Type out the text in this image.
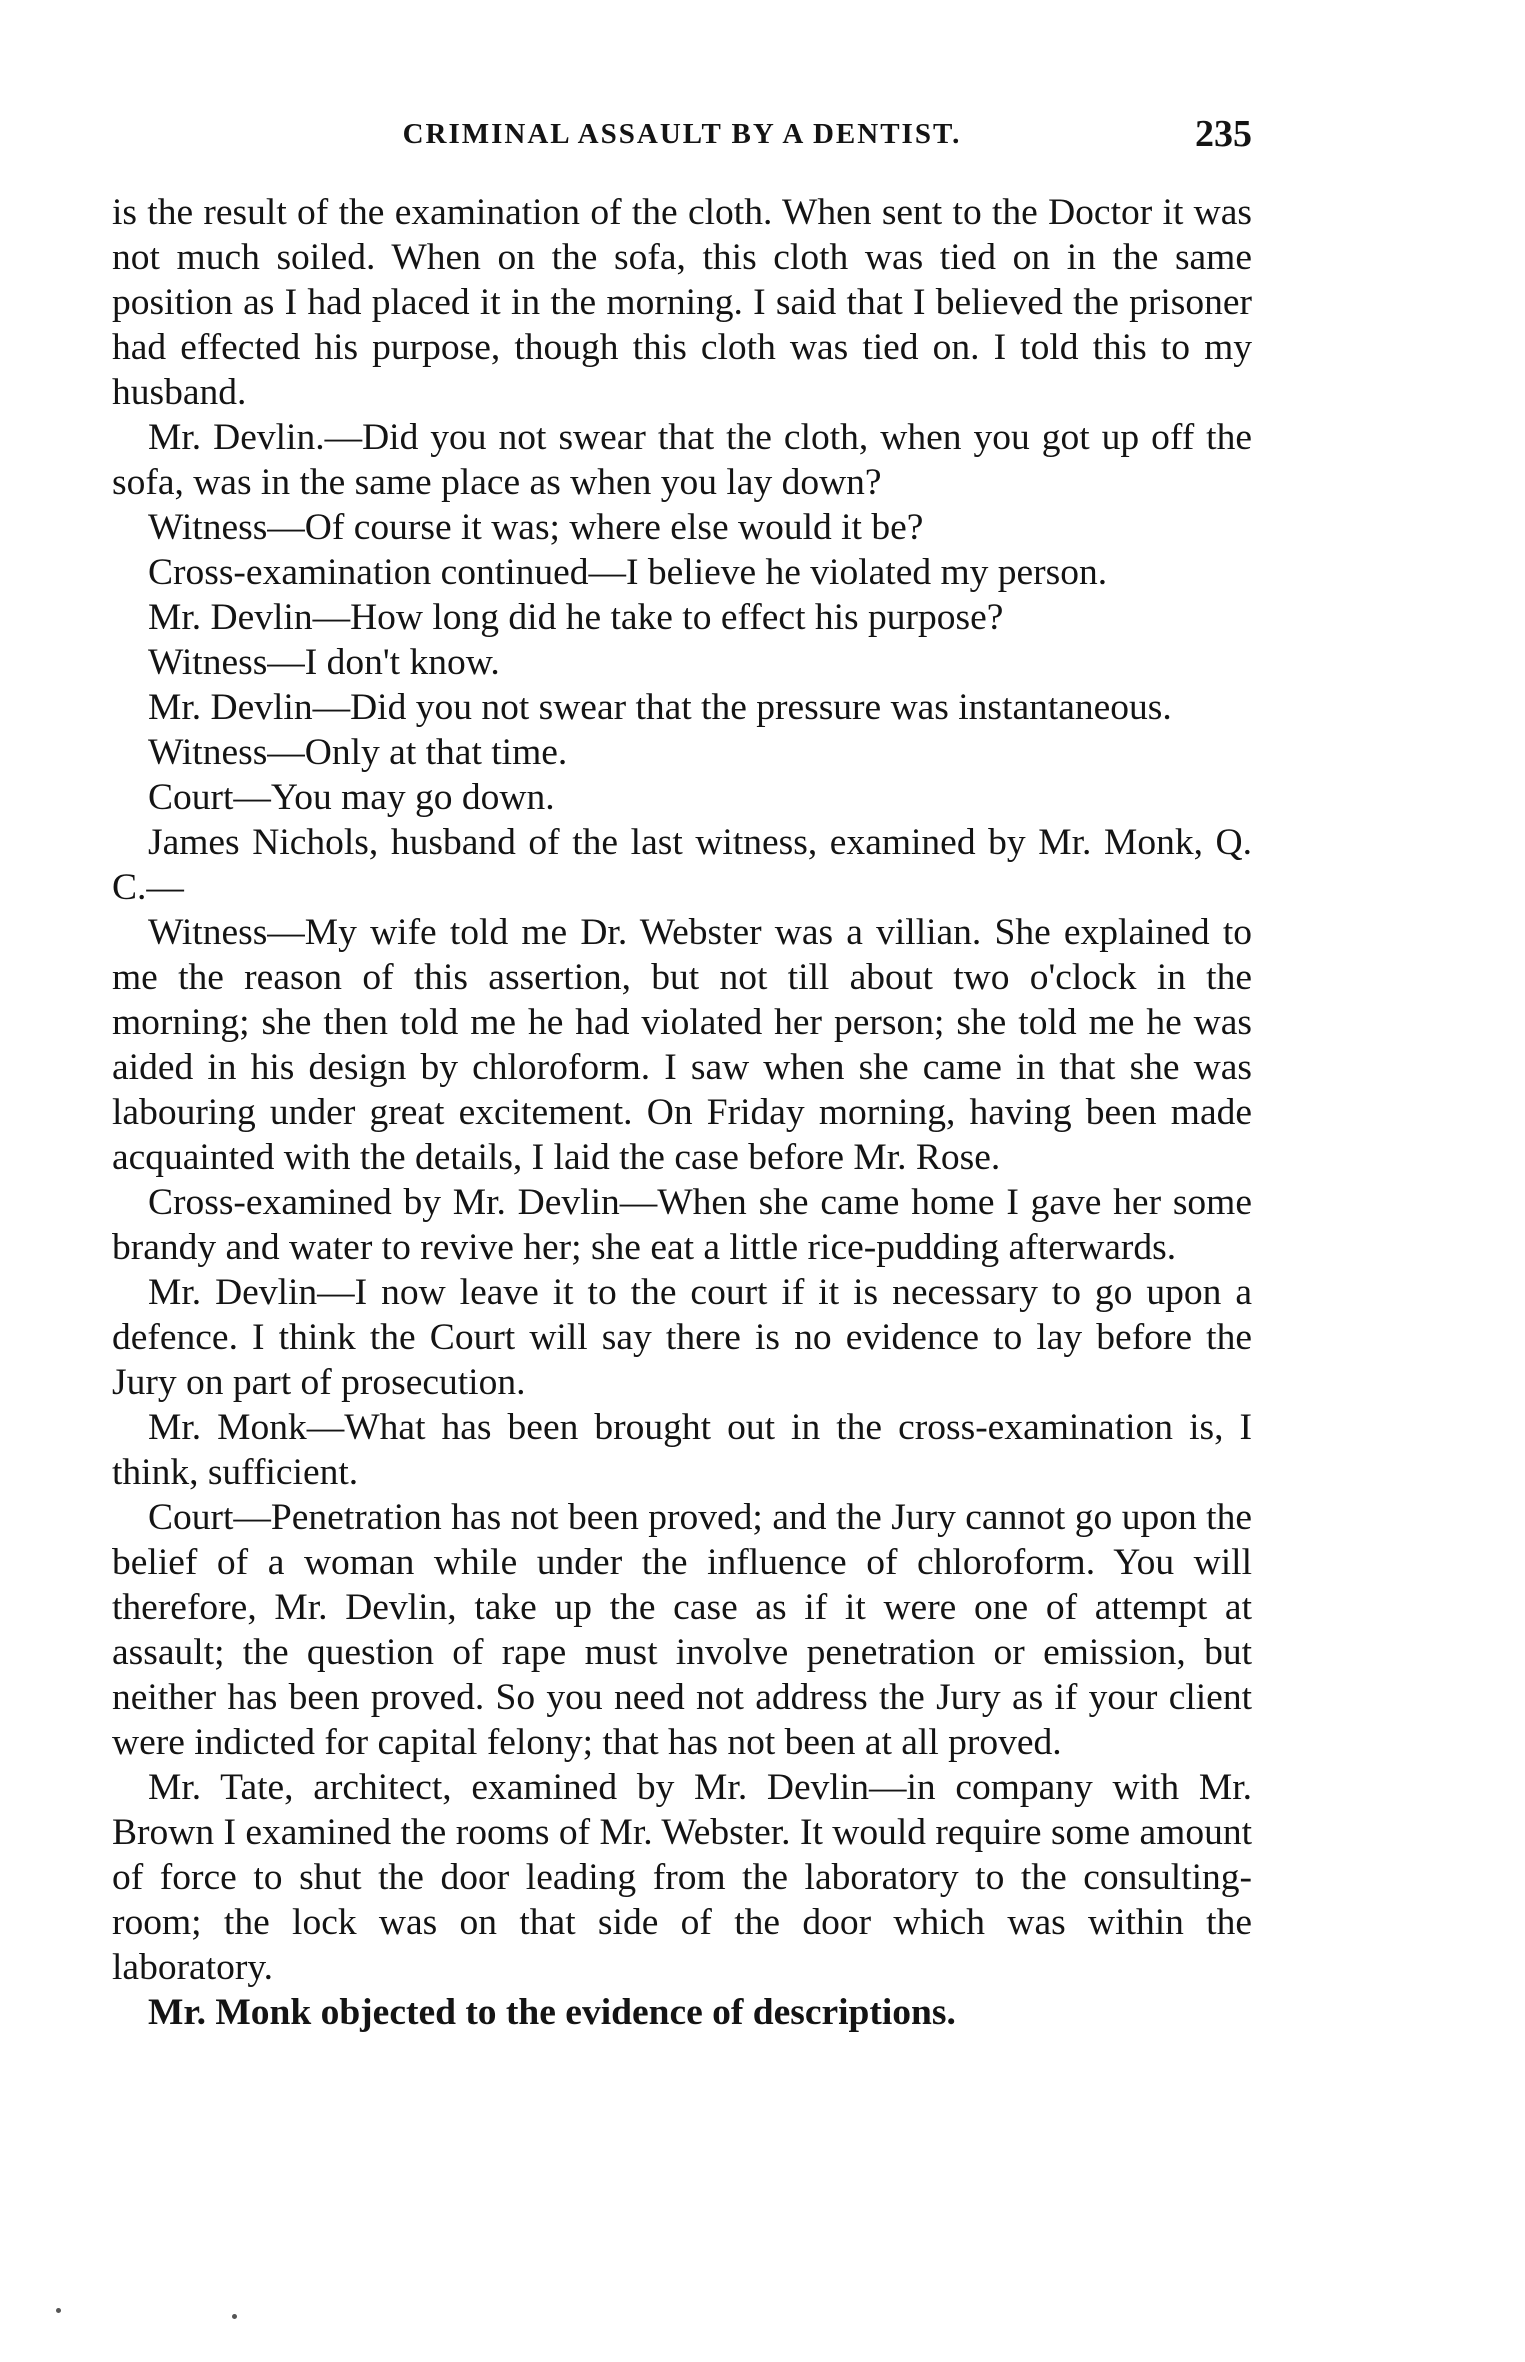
CRIMINAL ASSAULT BY A DENTIST.	235

is the result of the examination of the cloth. When sent to the Doctor it was not much soiled. When on the sofa, this cloth was tied on in the same position as I had placed it in the morning. I said that I believed the prisoner had effected his purpose, though this cloth was tied on. I told this to my husband.

Mr. Devlin.—Did you not swear that the cloth, when you got up off the sofa, was in the same place as when you lay down?

Witness—Of course it was; where else would it be?

Cross-examination continued—I believe he violated my person.

Mr. Devlin—How long did he take to effect his purpose?

Witness—I don't know.

Mr. Devlin—Did you not swear that the pressure was instantaneous.

Witness—Only at that time.

Court—You may go down.

James Nichols, husband of the last witness, examined by Mr. Monk, Q. C.—

Witness—My wife told me Dr. Webster was a villian. She explained to me the reason of this assertion, but not till about two o'clock in the morning; she then told me he had violated her person; she told me he was aided in his design by chloroform. I saw when she came in that she was labouring under great excitement. On Friday morning, having been made acquainted with the details, I laid the case before Mr. Rose.

Cross-examined by Mr. Devlin—When she came home I gave her some brandy and water to revive her; she eat a little rice-pudding afterwards.

Mr. Devlin—I now leave it to the court if it is necessary to go upon a defence. I think the Court will say there is no evidence to lay before the Jury on part of prosecution.

Mr. Monk—What has been brought out in the cross-examination is, I think, sufficient.

Court—Penetration has not been proved; and the Jury cannot go upon the belief of a woman while under the influence of chloroform. You will therefore, Mr. Devlin, take up the case as if it were one of attempt at assault; the question of rape must involve penetration or emission, but neither has been proved. So you need not address the Jury as if your client were indicted for capital felony; that has not been at all proved.

Mr. Tate, architect, examined by Mr. Devlin—in company with Mr. Brown I examined the rooms of Mr. Webster. It would require some amount of force to shut the door leading from the laboratory to the consulting-room; the lock was on that side of the door which was within the laboratory.

Mr. Monk objected to the evidence of descriptions.
